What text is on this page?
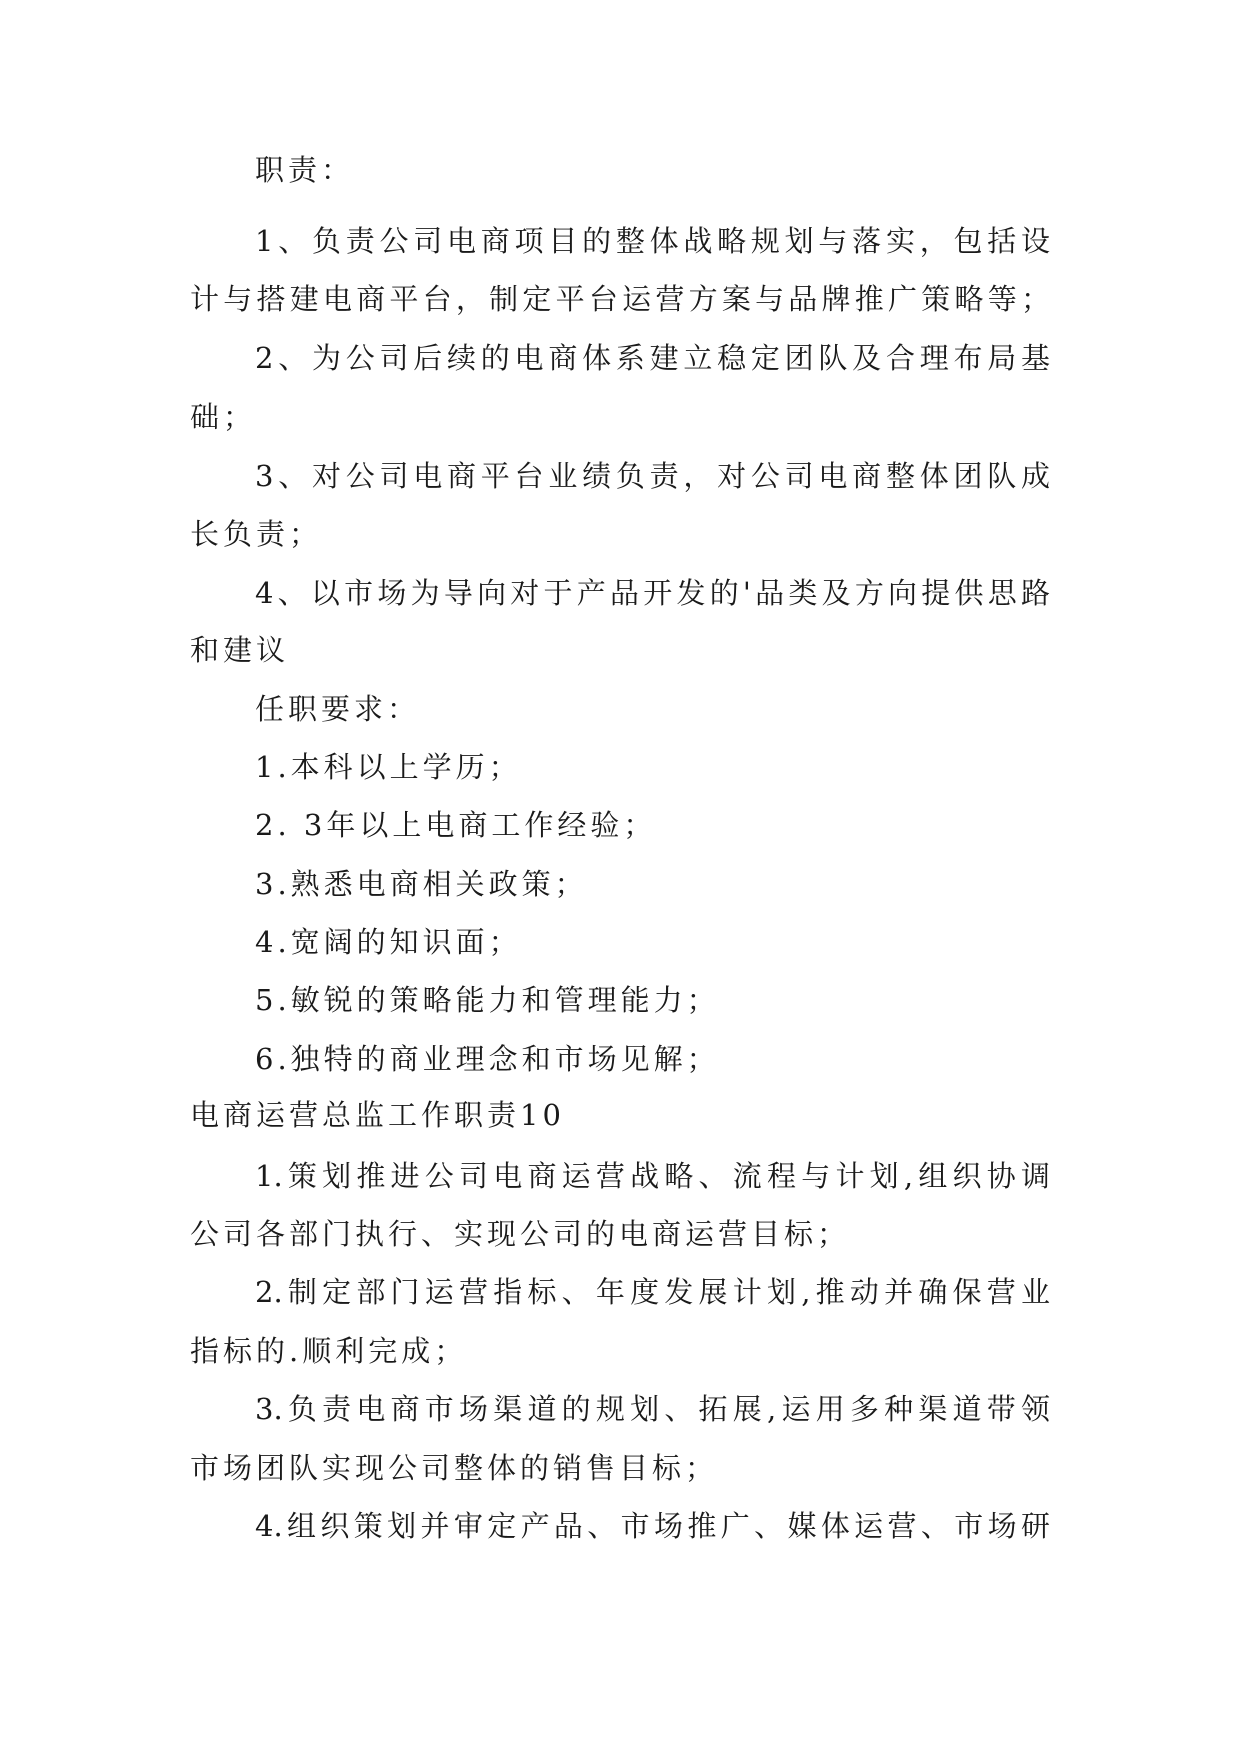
职责：
1、负责公司电商项目的整体战略规划与落实，包括设
计与搭建电商平台，制定平台运营方案与品牌推广策略等；
2、为公司后续的电商体系建立稳定团队及合理布局基
础；
3、对公司电商平台业绩负责，对公司电商整体团队成
长负责；
4、以市场为导向对于产品开发的'品类及方向提供思路
和建议
任职要求：
1.本科以上学历；
2. 3年以上电商工作经验；
3.熟悉电商相关政策；
4.宽阔的知识面；
5.敏锐的策略能力和管理能力；
6.独特的商业理念和市场见解；
电商运营总监工作职责10
1.策划推进公司电商运营战略、流程与计划,组织协调
公司各部门执行、实现公司的电商运营目标；
2.制定部门运营指标、年度发展计划,推动并确保营业
指标的.顺利完成；
3.负责电商市场渠道的规划、拓展,运用多种渠道带领
市场团队实现公司整体的销售目标；
4.组织策划并审定产品、市场推广、媒体运营、市场研
